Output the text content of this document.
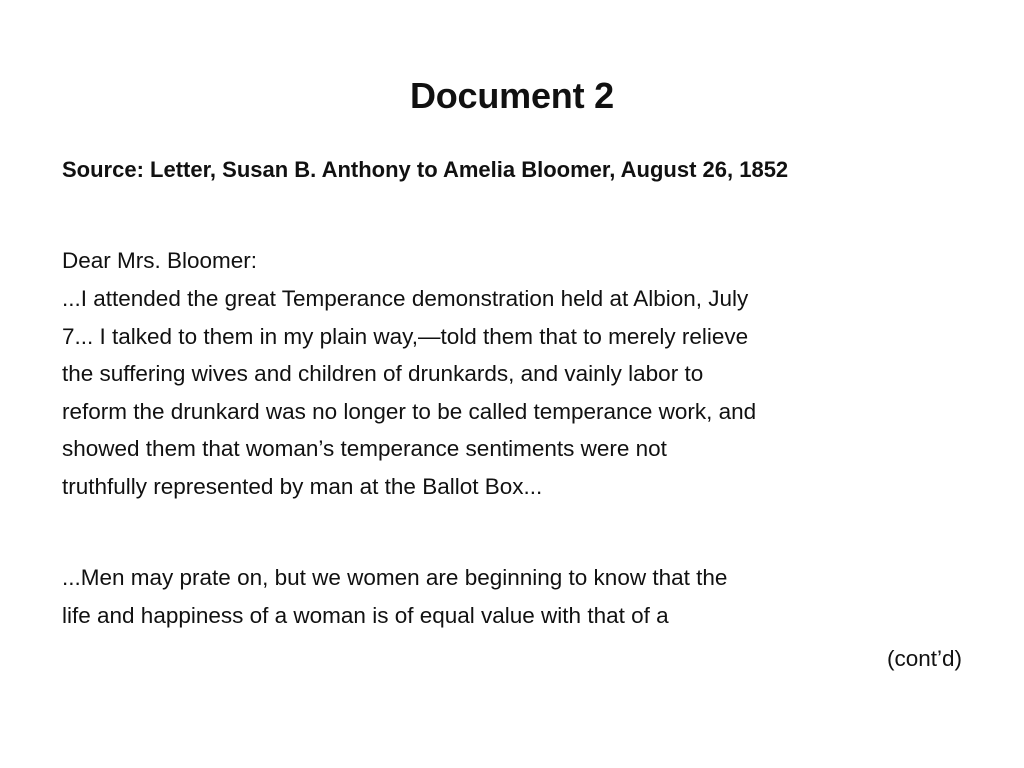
Document 2
Source: Letter, Susan B. Anthony to Amelia Bloomer, August 26, 1852
Dear Mrs. Bloomer:
...I attended the great Temperance demonstration held at Albion, July
7... I talked to them in my plain way,—told them that to merely relieve
the suffering wives and children of drunkards, and vainly labor to
reform the drunkard was no longer to be called temperance work, and
showed them that woman’s temperance sentiments were not
truthfully represented by man at the Ballot Box...
...Men may prate on, but we women are beginning to know that the
life and happiness of a woman is of equal value with that of a
(cont’d)
